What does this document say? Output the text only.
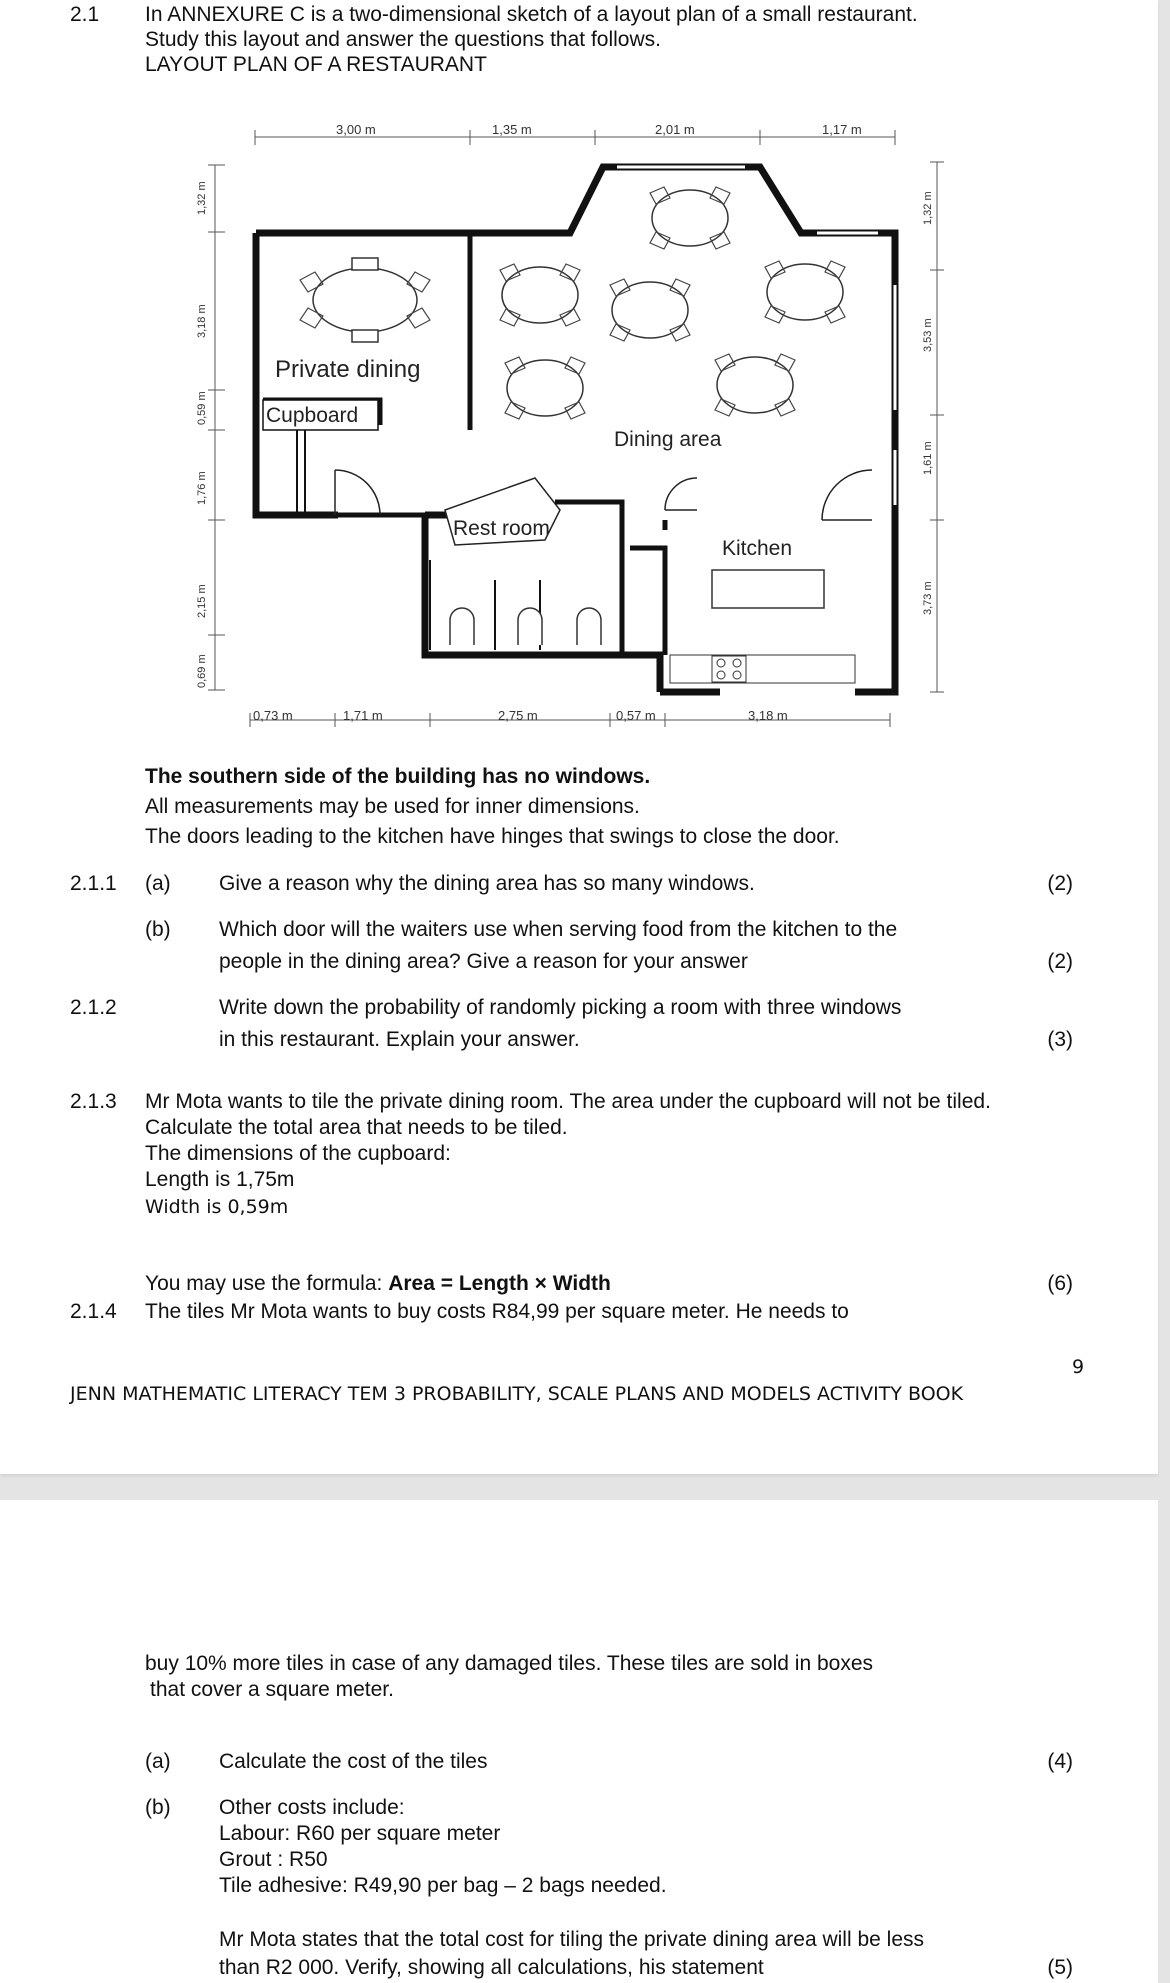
2.1 In ANNEXURE C is a two-dimensional sketch of a layout plan of a small restaurant.
Study this layout and answer the questions that follows.
LAYOUT PLAN OF A RESTAURANT
3,00 m	1,35 m	2,01 m	1,17 m
1,32 m
3,18 m
0,59 m
1,76 m
2,15 m
0,69 m
1,32 m
3,53 m
1,61 m
3,73 m
0,73 m	1,71 m	2,75 m	0,57 m	3,18 m
Private dining
Cupboard
Dining area
Rest room
Kitchen
The southern side of the building has no windows.
All measurements may be used for inner dimensions.
The doors leading to the kitchen have hinges that swings to close the door.
2.1.1 (a) Give a reason why the dining area has so many windows.	(2)
(b) Which door will the waiters use when serving food from the kitchen to the
people in the dining area? Give a reason for your answer	(2)
2.1.2	Write down the probability of randomly picking a room with three windows
in this restaurant. Explain your answer.	(3)
2.1.3 Mr Mota wants to tile the private dining room. The area under the cupboard will not be tiled.
Calculate the total area that needs to be tiled.
The dimensions of the cupboard:
Length is 1,75m
Width is 0,59m
You may use the formula: Area = Length × Width	(6)
2.1.4 The tiles Mr Mota wants to buy costs R84,99 per square meter. He needs to
9
JENN MATHEMATIC LITERACY TEM 3 PROBABILITY, SCALE PLANS AND MODELS ACTIVITY BOOK
buy 10% more tiles in case of any damaged tiles. These tiles are sold in boxes
that cover a square meter.
(a) Calculate the cost of the tiles	(4)
(b) Other costs include:
Labour: R60 per square meter
Grout : R50
Tile adhesive: R49,90 per bag – 2 bags needed.
Mr Mota states that the total cost for tiling the private dining area will be less
than R2 000. Verify, showing all calculations, his statement	(5)
